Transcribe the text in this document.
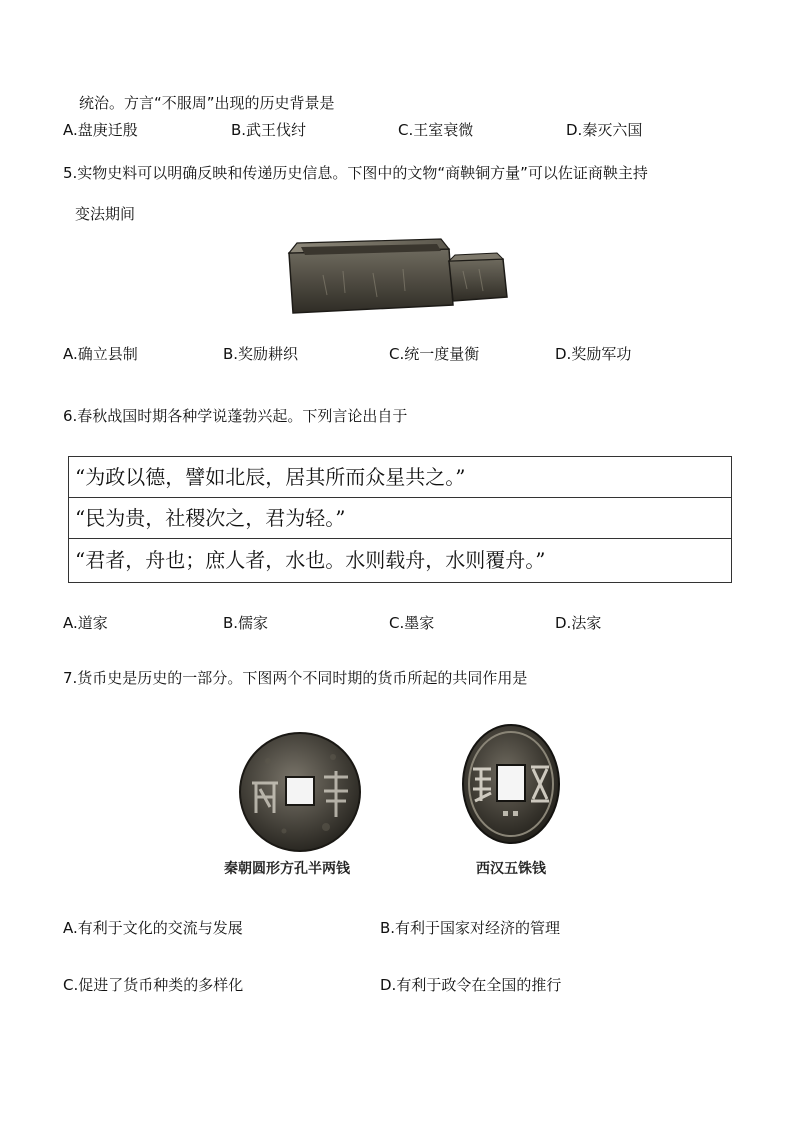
统治。方言“不服周”出现的历史背景是
A.盘庚迁殷	B.武王伐纣	C.王室衰微	D.秦灭六国
5.实物史料可以明确反映和传递历史信息。下图中的文物“商鞅铜方量”可以佐证商鞅主持
变法期间
A.确立县制	B.奖励耕织	C.统一度量衡	D.奖励军功
6.春秋战国时期各种学说蓬勃兴起。下列言论出自于
“为政以德，譬如北辰，居其所而众星共之。”
“民为贵，社稷次之，君为轻。”
“君者，舟也；庶人者，水也。水则载舟，水则覆舟。”
A.道家	B.儒家	C.墨家	D.法家
7.货币史是历史的一部分。下图两个不同时期的货币所起的共同作用是
秦朝圆形方孔半两钱	西汉五铢钱
A.有利于文化的交流与发展	B.有利于国家对经济的管理
C.促进了货币种类的多样化	D.有利于政令在全国的推行
